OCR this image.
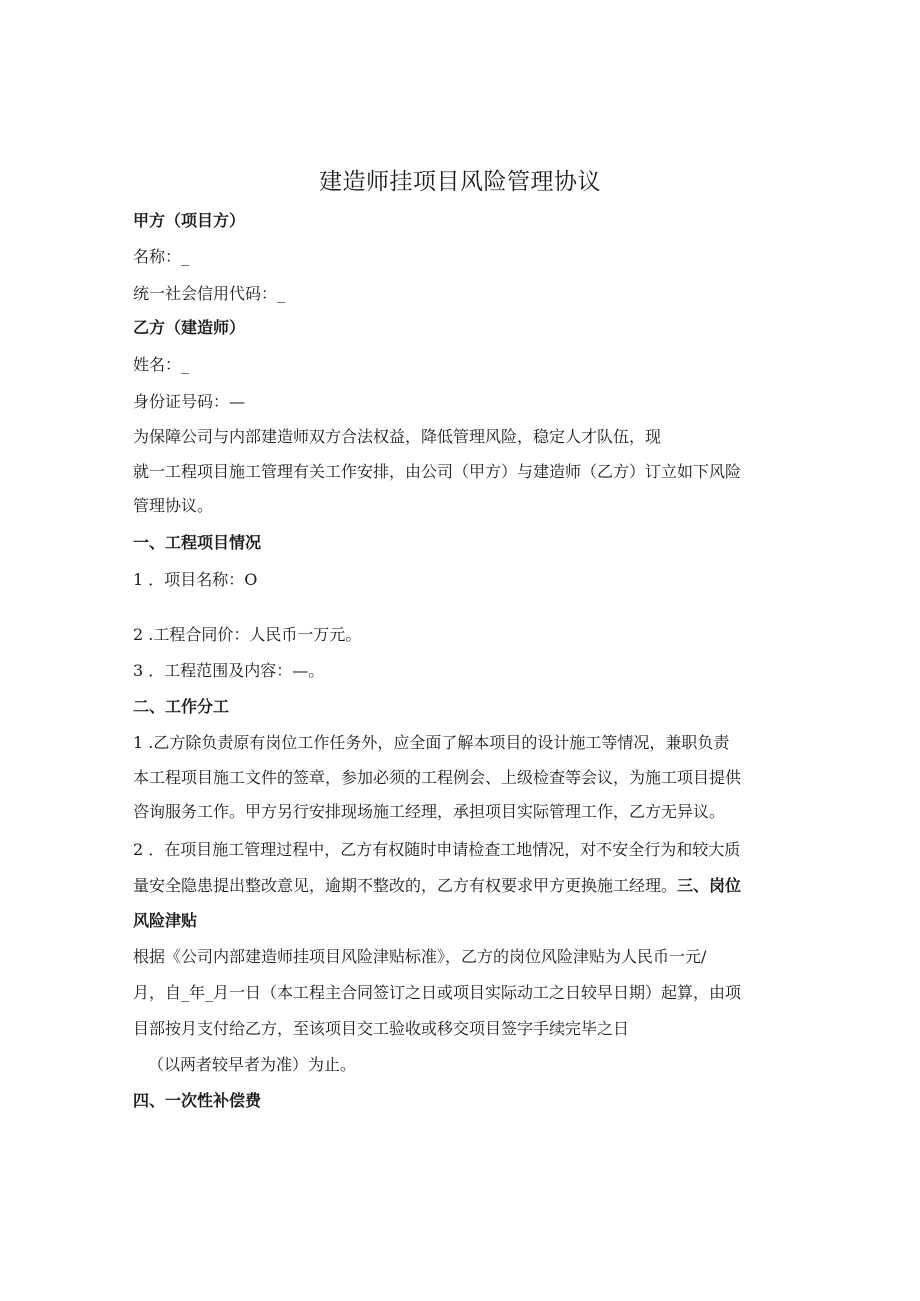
建造师挂项目风险管理协议
甲方（项目方）
名称：_
统一社会信用代码：_
乙方（建造师）
姓名：_
身份证号码：—
为保障公司与内部建造师双方合法权益，降低管理风险，稳定人才队伍，现
就一工程项目施工管理有关工作安排，由公司（甲方）与建造师（乙方）订立如下风险
管理协议。
一、工程项目情况
1 ．项目名称：O
2 .工程合同价：人民币一万元。
3 ．工程范围及内容：—。
二、工作分工
1 .乙方除负责原有岗位工作任务外，应全面了解本项目的设计施工等情况，兼职负责
本工程项目施工文件的签章，参加必须的工程例会、上级检查等会议，为施工项目提供
咨询服务工作。甲方另行安排现场施工经理，承担项目实际管理工作，乙方无异议。
2 ．在项目施工管理过程中，乙方有权随时申请检查工地情况，对不安全行为和较大质
量安全隐患提出整改意见，逾期不整改的，乙方有权要求甲方更换施工经理。三、岗位
风险津贴
根据《公司内部建造师挂项目风险津贴标准》，乙方的岗位风险津贴为人民币一元/
月，自_年_月一日（本工程主合同签订之日或项目实际动工之日较早日期）起算，由项
目部按月支付给乙方，至该项目交工验收或移交项目签字手续完毕之日
（以两者较早者为准）为止。
四、一次性补偿费
